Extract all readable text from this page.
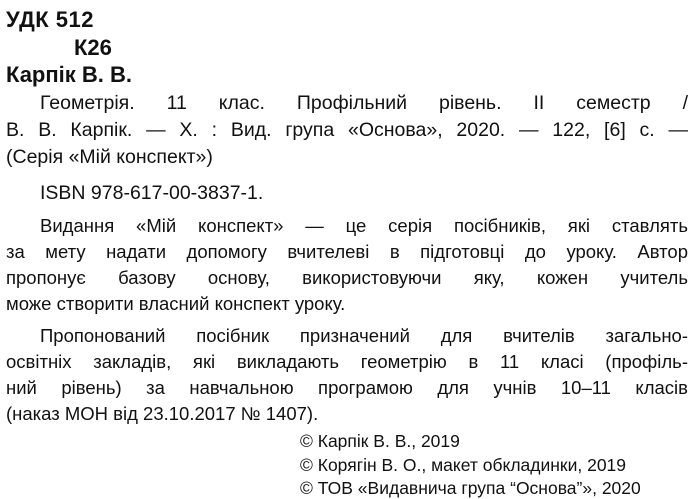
УДК 512
К26
Карпік В. В.
Геометрія. 11 клас. Профільний рівень. ІІ семестр /
В. В. Карпік. — Х. : Вид. група «Основа», 2020. — 122, [6] с. —
(Серія «Мій конспект»)
ISBN 978-617-00-3837-1.
Видання «Мій конспект» — це серія посібників, які ставлять
за мету надати допомогу вчителеві в підготовці до уроку. Автор
пропонує базову основу, використовуючи яку, кожен учитель
може створити власний конспект уроку.
Пропонований посібник призначений для вчителів загально-
освітніх закладів, які викладають геометрію в 11 класі (профіль-
ний рівень) за навчальною програмою для учнів 10–11 класів
(наказ МОН від 23.10.2017 № 1407).
© Карпік В. В., 2019
© Корягін В. О., макет обкладинки, 2019
© ТОВ «Видавнича група “Основа”», 2020
